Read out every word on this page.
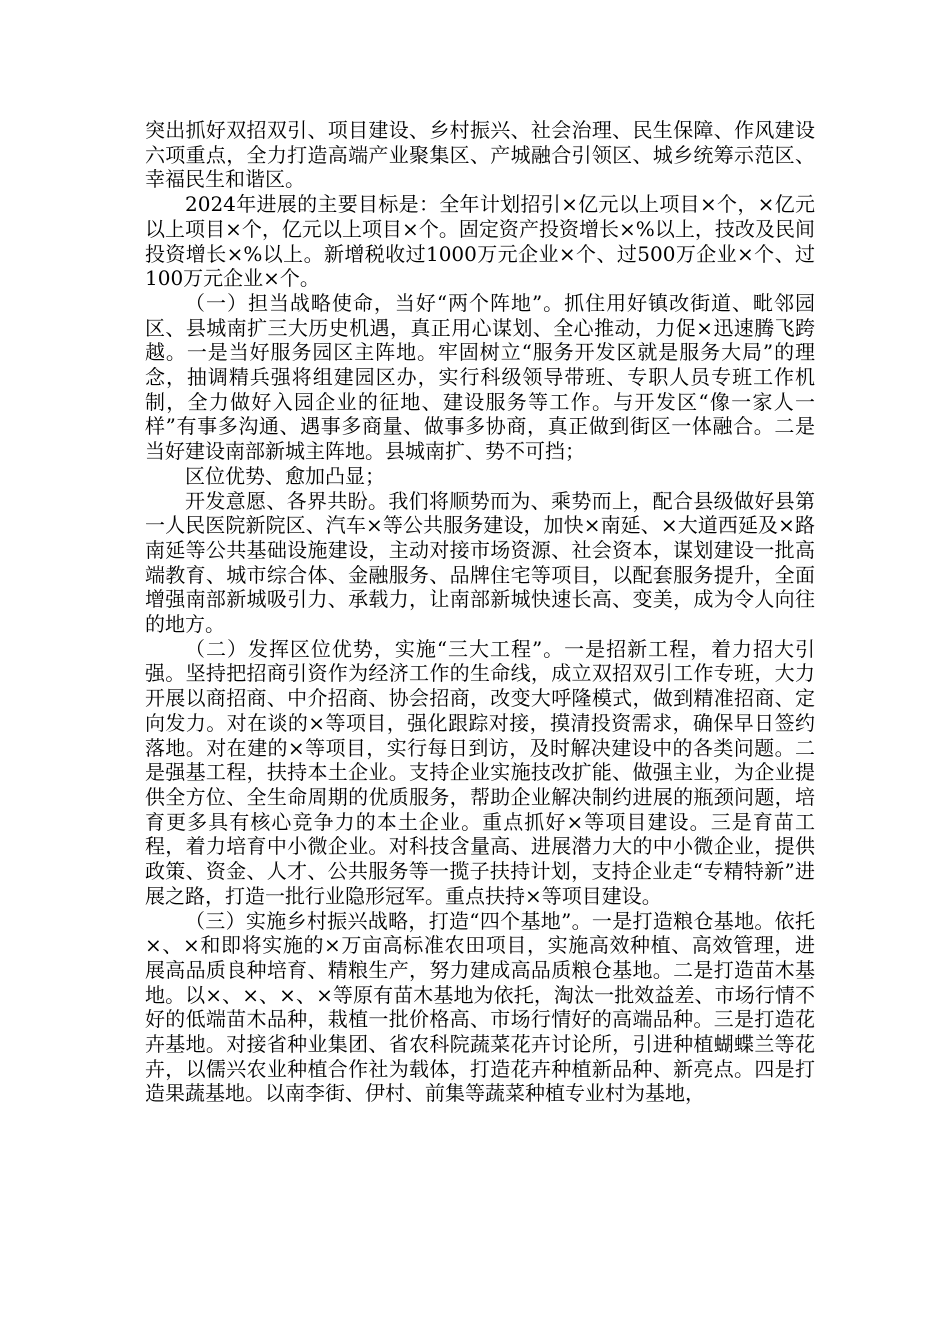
突出抓好双招双引、项目建设、乡村振兴、社会治理、民生保障、作风建设六项重点，全力打造高端产业聚集区、产城融合引领区、城乡统筹示范区、幸福民生和谐区。

2024年进展的主要目标是：全年计划招引×亿元以上项目×个，×亿元以上项目×个，亿元以上项目×个。固定资产投资增长×%以上，技改及民间投资增长×%以上。新增税收过1000万元企业×个、过500万企业×个、过100万元企业×个。

（一）担当战略使命，当好“两个阵地”。抓住用好镇改街道、毗邻园区、县城南扩三大历史机遇，真正用心谋划、全心推动，力促×迅速腾飞跨越。一是当好服务园区主阵地。牢固树立“服务开发区就是服务大局”的理念，抽调精兵强将组建园区办，实行科级领导带班、专职人员专班工作机制，全力做好入园企业的征地、建设服务等工作。与开发区“像一家人一样”有事多沟通、遇事多商量、做事多协商，真正做到街区一体融合。二是当好建设南部新城主阵地。县城南扩、势不可挡；

区位优势、愈加凸显；

开发意愿、各界共盼。我们将顺势而为、乘势而上，配合县级做好县第一人民医院新院区、汽车×等公共服务建设，加快×南延、×大道西延及×路南延等公共基础设施建设，主动对接市场资源、社会资本，谋划建设一批高端教育、城市综合体、金融服务、品牌住宅等项目，以配套服务提升，全面增强南部新城吸引力、承载力，让南部新城快速长高、变美，成为令人向往的地方。

（二）发挥区位优势，实施“三大工程”。一是招新工程，着力招大引强。坚持把招商引资作为经济工作的生命线，成立双招双引工作专班，大力开展以商招商、中介招商、协会招商，改变大呼隆模式，做到精准招商、定向发力。对在谈的×等项目，强化跟踪对接，摸清投资需求，确保早日签约落地。对在建的×等项目，实行每日到访，及时解决建设中的各类问题。二是强基工程，扶持本土企业。支持企业实施技改扩能、做强主业，为企业提供全方位、全生命周期的优质服务，帮助企业解决制约进展的瓶颈问题，培育更多具有核心竞争力的本土企业。重点抓好×等项目建设。三是育苗工程，着力培育中小微企业。对科技含量高、进展潜力大的中小微企业，提供政策、资金、人才、公共服务等一揽子扶持计划，支持企业走“专精特新”进展之路，打造一批行业隐形冠军。重点扶持×等项目建设。

（三）实施乡村振兴战略，打造“四个基地”。一是打造粮仓基地。依托×、×和即将实施的×万亩高标准农田项目，实施高效种植、高效管理，进展高品质良种培育、精粮生产，努力建成高品质粮仓基地。二是打造苗木基地。以×、×、×、×等原有苗木基地为依托，淘汰一批效益差、市场行情不好的低端苗木品种，栽植一批价格高、市场行情好的高端品种。三是打造花卉基地。对接省种业集团、省农科院蔬菜花卉讨论所，引进种植蝴蝶兰等花卉，以儒兴农业种植合作社为载体，打造花卉种植新品种、新亮点。四是打造果蔬基地。以南李街、伊村、前集等蔬菜种植专业村为基地，
